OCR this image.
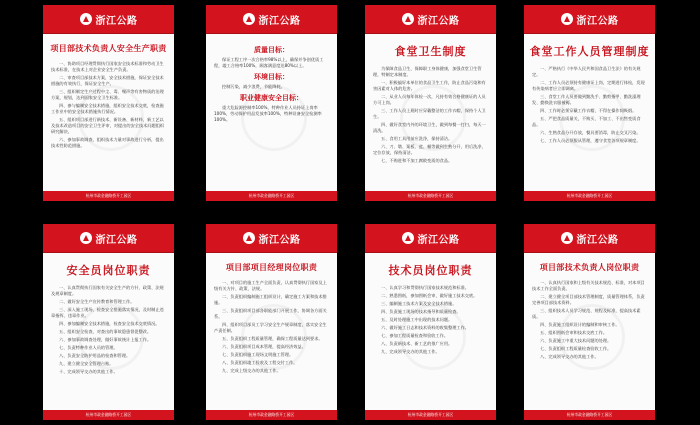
浙江公路
项目部技术负责人安全生产职责

一、协助项目经理贯彻执行国家安全技术标准和劳动卫生技术标准，在技术上对企业安全生产负责。

二、审查项目部技术方案，安全技术措施，保证安全技术措施的有效执行，保证安全生产。

三、组织制定生产过程中尘、毒、噪声等有害物质的治理方案，规划，达到国家安全卫生标准。

四、参与编制安全技术措施，组织安全技术交底，检查施工作业中的安全技术措施执行情况。

五、组织项目部进行新技术、新设备、新材料、新工艺以及技术改造项目的安全卫生评审，对提出的安全技术问题组织研究解决。

六、参加事故调查，组织技术力量对事故进行分析，提出技术性防范措施。

杭州市政金融路桥开工园区
浙江公路
质量目标：

保证工程工序一次合格率98%以上，确保并争创优质工程，竣工合格率100%，顾客满意度达80%以上。

环境目标：

控制污染，减少浪费，节能降耗。

职业健康安全目标：

重大危险源控制率100%，特种作业人员持证上岗率100%，劳动保护用品发放率100%，特种设备安全检测率100%。

杭州市政金融路桥开工园区
浙江公路
食堂卫生制度

为保障食品卫生，保障职工身体健康，加强食堂卫生管理，特制定本制度。

一、积极搞好本单位的食品卫生工作，防止食品污染和有害因素对人体的危害。

二、从业人员每年体检一次，凡持有效合格健康证的人员方可上岗。

三、工作人员上班时应穿戴整洁的工作衣帽，保持个人卫生。

四、做好食堂内外的环境卫生，做到每餐一打扫，每天一清洗。

五、食用工具用前应洗净，保持清洁。

六、刀、墩、案板、盆、桶等做到生熟分开，用后洗净，定位存放，保持清洁。

七、不购进和不加工腐败变质的食品。

杭州市政金融路桥开工园区
浙江公路
食堂工作人员管理制度

一、严格执行《中华人民共和国食品卫生法》的有关规定。

二、工作人员必须持有健康证上岗，定期进行体检，发现有传染病者应立即调离。

三、食堂工作人员要做到勤洗手、勤剪指甲、勤洗澡理发、勤换洗衣服被褥。

四、工作时必须穿戴工作衣帽，不得在操作间吸烟。

五、严把食品质量关，不购买、不加工、不出售变质食品。

六、生熟食品分开存放，餐具要消毒，防止交叉污染。

七、工作人员必须服从管理，遵守食堂各项规章制度。

杭州市政金融路桥开工园区
浙江公路
安全员岗位职责

一、认真贯彻执行国家有关安全生产的方针、政策、法规及规章制度。

二、做好安全生产宣传教育和管理工作。

三、深入施工现场，检查安全措施落实情况，及时制止违章指挥、违章作业。

四、参加编制安全技术措施，检查安全技术交底情况。

五、组织安全检查，对查出的事故隐患督促整改。

六、参加事故调查处理，做好事故统计上报工作。

七、负责特种作业人员的管理。

八、负责安全防护用品的检查和管理。

九、建立健全安全管理台账。

十、完成领导交办的其他工作。

杭州市政金融路桥开工园区
浙江公路
项目部项目经理岗位职责

一、对项目的施工生产全面负责，认真贯彻执行国家及上级有关方针、政策、法规。

二、负责组织编制施工组织设计，确定施工方案和技术措施。

三、负责组织项目部各职能部门开展工作，协调各方面关系。

四、组织项目部员工学习安全生产规章制度，落实安全生产责任制。

五、负责组织工程质量管理，确保工程质量达到要求。

六、负责组织项目成本管理，提高经济效益。

七、负责组织施工现场文明施工管理。

八、负责组织竣工验收及工程交付工作。

九、完成上级交办的其他工作。

杭州市政金融路桥开工园区
浙江公路
技术员岗位职责

一、认真学习和贯彻执行国家技术规范和标准。

二、熟悉图纸，参加图纸会审，做好施工技术交底。

三、编制施工技术方案及安全技术措施。

四、负责施工现场的技术指导和质量检查。

五、及时处理施工中出现的技术问题。

六、做好施工日志和技术资料的收集整理工作。

七、参加工程质量检查和验收工作。

八、负责新技术、新工艺的推广应用。

九、完成领导交办的其他工作。

杭州市政金融路桥开工园区
浙江公路
项目部技术负责人岗位职责

一、认真执行国家和上级有关技术规范、标准，对本项目技术工作全面负责。

二、建立健全项目部技术管理制度，质量管理体系，负责完善项目部技术资料。

三、组织技术人员学习规范、规程及标准，提高技术素质。

四、负责施工组织设计的编制和审核工作。

五、组织图纸会审和技术交底工作。

六、负责施工中重大技术问题的处理。

七、负责组织工程质量检查验收工作。

八、完成领导交办的其他工作。

杭州市政金融路桥开工园区
